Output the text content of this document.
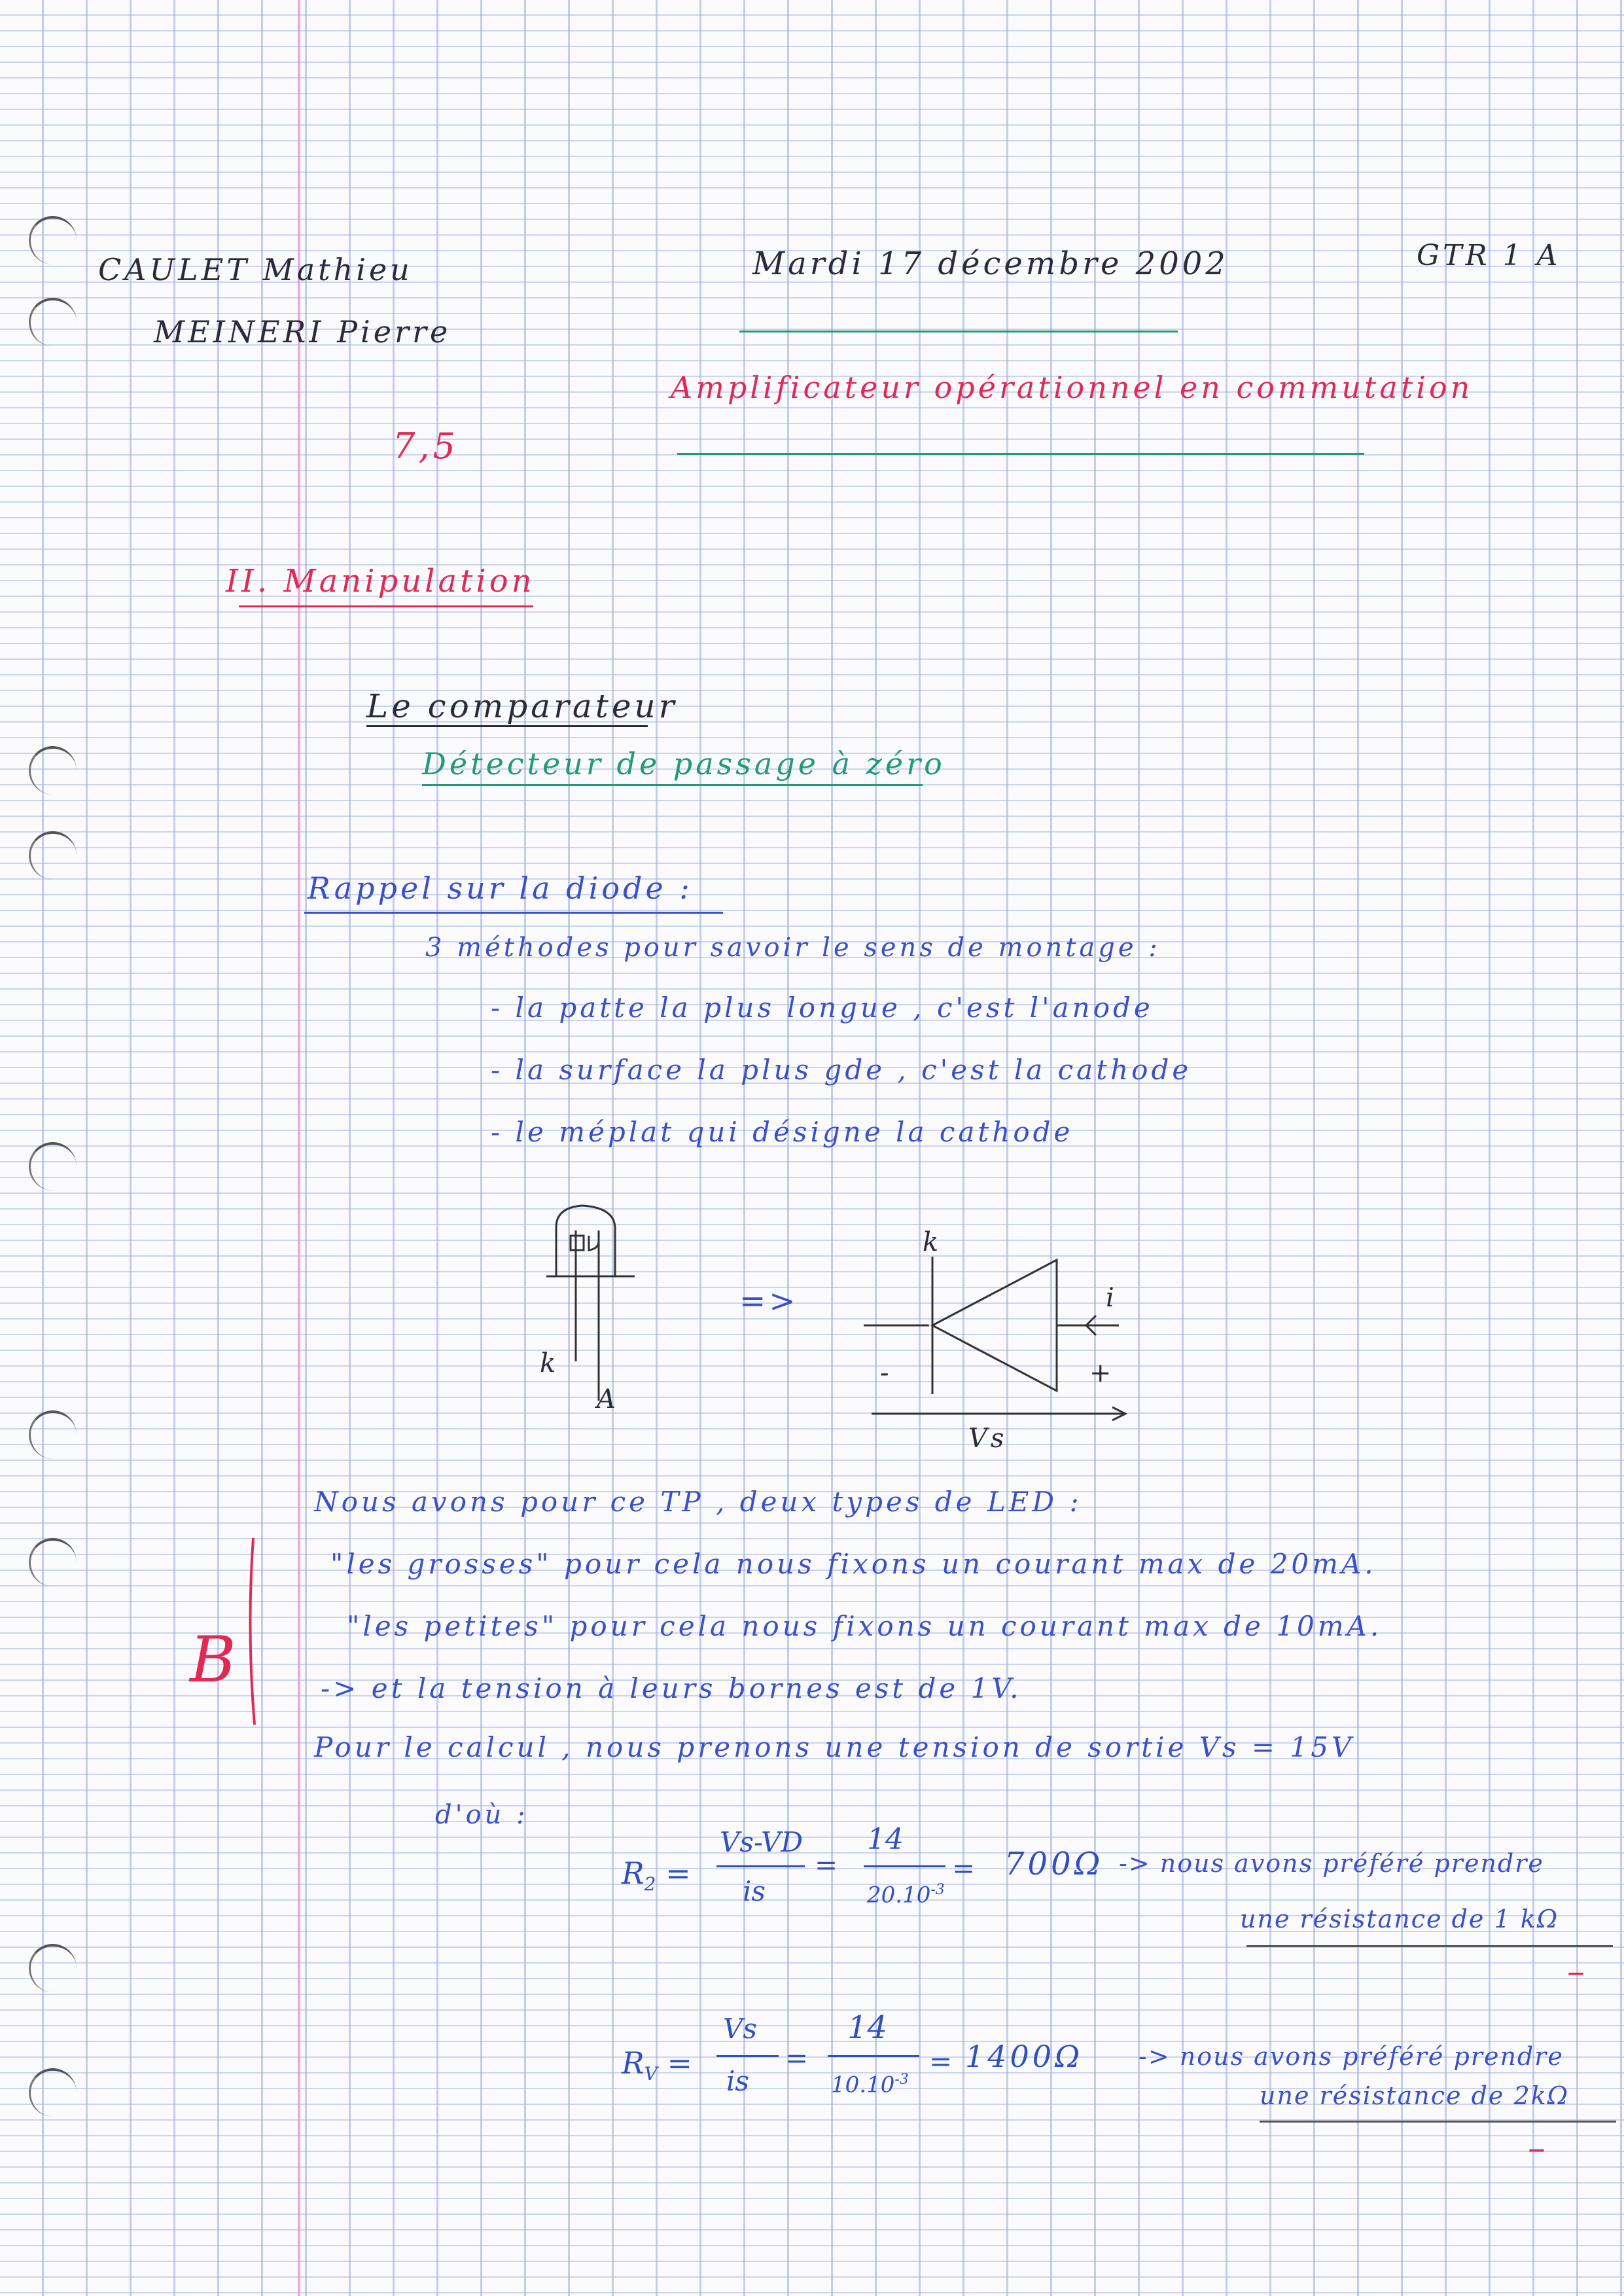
CAULET Mathieu
MEINERI Pierre
Mardi 17 décembre 2002	GTR 1 A
Amplificateur opérationnel en commutation
7,5
II. Manipulation
Le comparateur
Détecteur de passage à zéro
Rappel sur la diode :
3 méthodes pour savoir le sens de montage :
- la patte la plus longue , c'est l'anode
- la surface la plus gde , c'est la cathode
- le méplat qui désigne la cathode
k
A
=>
k
i
-	+
Vs
Nous avons pour ce TP , deux types de LED :
"les grosses" pour cela nous fixons un courant max de 20mA.
"les petites" pour cela nous fixons un courant max de 10mA.
-> et la tension à leurs bornes est de 1V.
Pour le calcul , nous prenons une tension de sortie Vs = 15V
B
d'où :
$R_2$ =
Vs-VD
is
=
14
$20.10^{-3}$
= 700Ω -> nous avons préféré prendre
une résistance de 1 kΩ
–
$R_V$ =
Vs
is
=
14
$10.10^{-3}$
= 1400Ω -> nous avons préféré prendre
une résistance de 2kΩ
–
